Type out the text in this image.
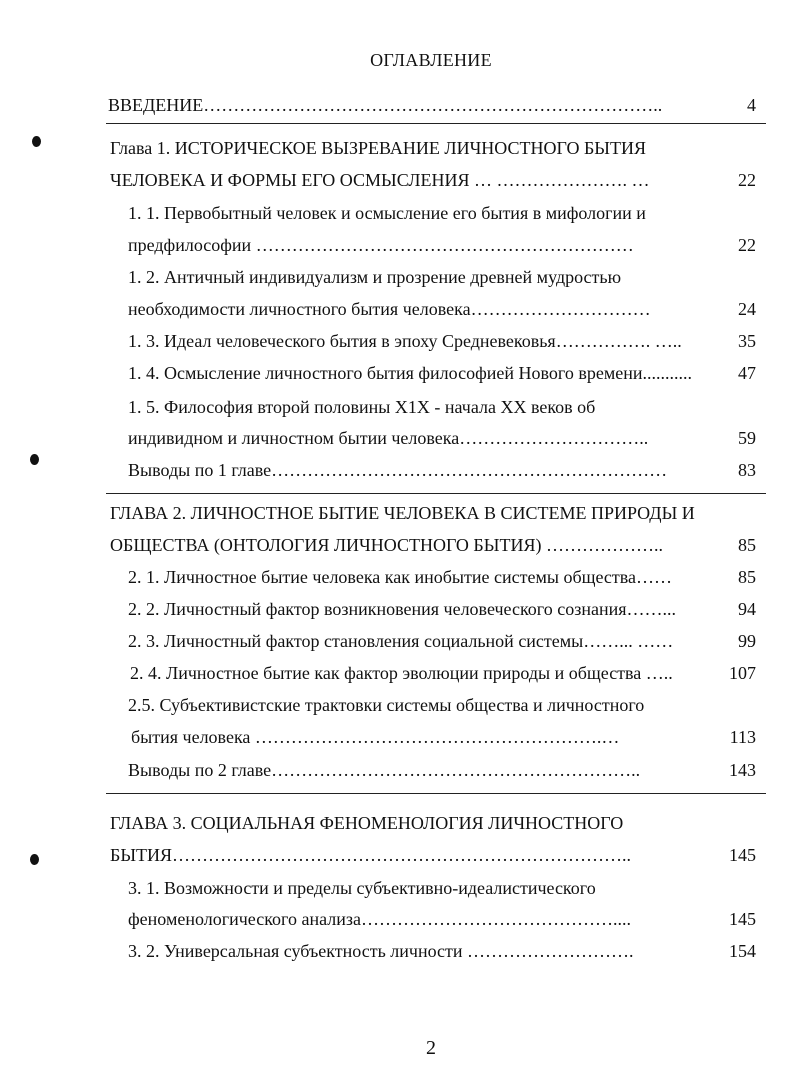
ОГЛАВЛЕНИЕ
ВВЕДЕНИЕ…………………………………………………………………..	4
Глава 1. ИСТОРИЧЕСКОЕ ВЫЗРЕВАНИЕ ЛИЧНОСТНОГО БЫТИЯ
ЧЕЛОВЕКА И ФОРМЫ ЕГО ОСМЫСЛЕНИЯ … …………………. …	22
1. 1. Первобытный человек и осмысление его бытия в мифологии и
предфилософии ………………………………………………………	22
1. 2. Античный индивидуализм и прозрение древней мудростью
необходимости личностного бытия человека…………………………	24
1. 3. Идеал человеческого бытия в эпоху Средневековья……………. …..	35
1. 4. Осмысление личностного бытия философией Нового времени...........	47
1. 5. Философия второй половины Х1Х - начала ХХ веков об
индивидном и личностном бытии человека…………………………..	59
Выводы по 1 главе…………………………………………………………	83
ГЛАВА 2. ЛИЧНОСТНОЕ БЫТИЕ ЧЕЛОВЕКА В СИСТЕМЕ ПРИРОДЫ И
ОБЩЕСТВА (ОНТОЛОГИЯ ЛИЧНОСТНОГО БЫТИЯ) ………………..	85
2. 1. Личностное бытие человека как инобытие системы общества……	85
2. 2. Личностный фактор возникновения человеческого сознания……...	94
2. 3. Личностный фактор становления социальной системы……... ……	99
2. 4. Личностное бытие как фактор эволюции природы и общества …..	107
2.5. Субъективистские трактовки системы общества и личностного
бытия человека ………………………………………………….…	113
Выводы по 2 главе……………………………………………………..	143
ГЛАВА 3. СОЦИАЛЬНАЯ ФЕНОМЕНОЛОГИЯ ЛИЧНОСТНОГО
БЫТИЯ…………………………………………………………………..	145
3. 1. Возможности и пределы субъективно-идеалистического
феноменологического анализа……………………………………....	145
3. 2. Универсальная субъектность личности ……………………….	154
2
